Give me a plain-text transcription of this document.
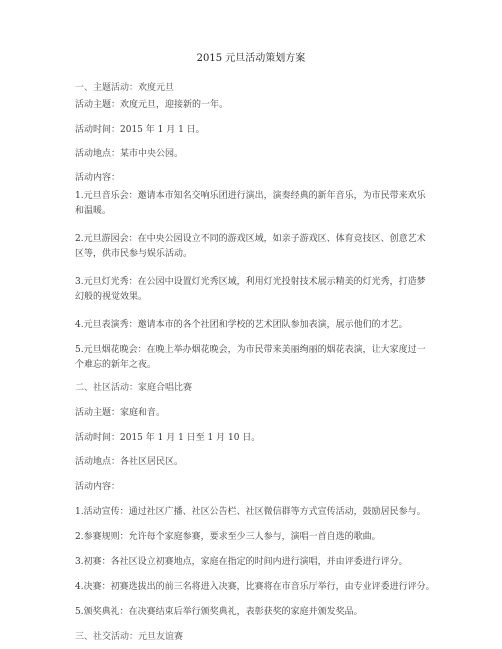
2015 元旦活动策划方案
一、主题活动：欢度元旦
活动主题：欢度元旦，迎接新的一年。
活动时间：2015 年 1 月 1 日。
活动地点：某市中央公园。
活动内容：
1.元旦音乐会：邀请本市知名交响乐团进行演出，演奏经典的新年音乐，为市民带来欢乐
和温暖。
2.元旦游园会：在中央公园设立不同的游戏区域，如亲子游戏区、体育竞技区、创意艺术
区等，供市民参与娱乐活动。
3.元旦灯光秀：在公园中设置灯光秀区域，利用灯光投射技术展示精美的灯光秀，打造梦
幻般的视觉效果。
4.元旦表演秀：邀请本市的各个社团和学校的艺术团队参加表演，展示他们的才艺。
5.元旦烟花晚会：在晚上举办烟花晚会，为市民带来美丽绚丽的烟花表演，让大家度过一
个难忘的新年之夜。
二、社区活动：家庭合唱比赛
活动主题：家庭和音。
活动时间：2015 年 1 月 1 日至 1 月 10 日。
活动地点：各社区居民区。
活动内容：
1.活动宣传：通过社区广播、社区公告栏、社区微信群等方式宣传活动，鼓励居民参与。
2.参赛规则：允许每个家庭参赛，要求至少三人参与，演唱一首自选的歌曲。
3.初赛：各社区设立初赛地点，家庭在指定的时间内进行演唱，并由评委进行评分。
4.决赛：初赛选拔出的前三名将进入决赛，比赛将在市音乐厅举行，由专业评委进行评分。
5.颁奖典礼：在决赛结束后举行颁奖典礼，表彰获奖的家庭并颁发奖品。
三、社交活动：元旦友谊赛
